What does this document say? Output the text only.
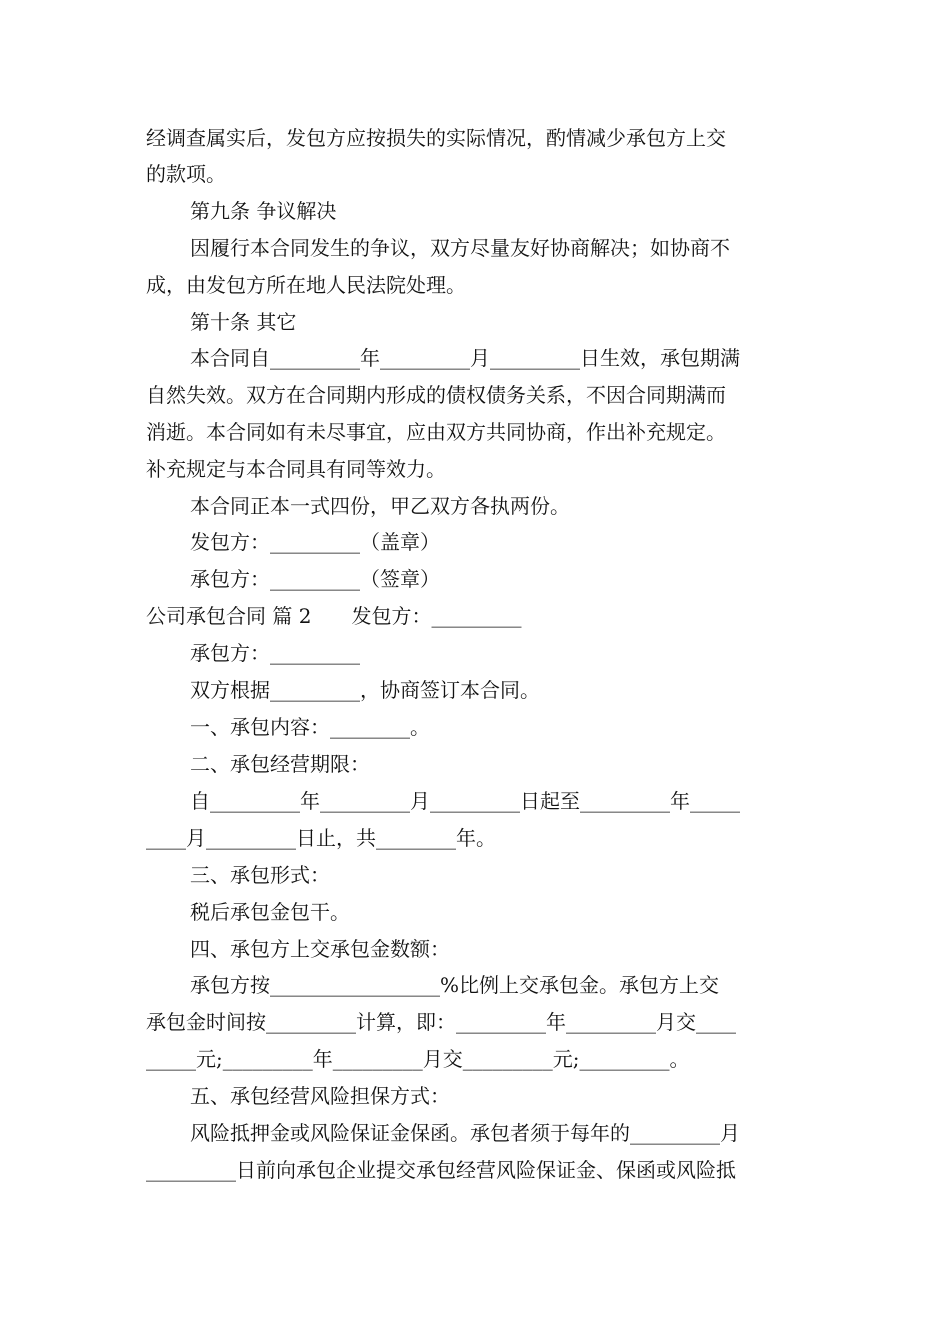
经调查属实后，发包方应按损失的实际情况，酌情减少承包方上交
的款项。
第九条 争议解决
因履行本合同发生的争议，双方尽量友好协商解决；如协商不
成，由发包方所在地人民法院处理。
第十条 其它
本合同自_________年_________月_________日生效，承包期满
自然失效。双方在合同期内形成的债权债务关系，不因合同期满而
消逝。本合同如有未尽事宜，应由双方共同协商，作出补充规定。
补充规定与本合同具有同等效力。
本合同正本一式四份，甲乙双方各执两份。
发包方：_________（盖章）
承包方：_________（签章）
公司承包合同 篇 2　　发包方：_________
承包方：_________
双方根据_________，协商签订本合同。
一、承包内容：________。
二、承包经营期限：
自_________年_________月_________日起至_________年_____
____月_________日止，共________年。
三、承包形式：
税后承包金包干。
四、承包方上交承包金数额：
承包方按_________________%比例上交承包金。承包方上交
承包金时间按_________计算，即：_________年_________月交____
_____元;_________年_________月交_________元;_________。
五、承包经营风险担保方式：
风险抵押金或风险保证金保函。承包者须于每年的_________月
_________日前向承包企业提交承包经营风险保证金、保函或风险抵
